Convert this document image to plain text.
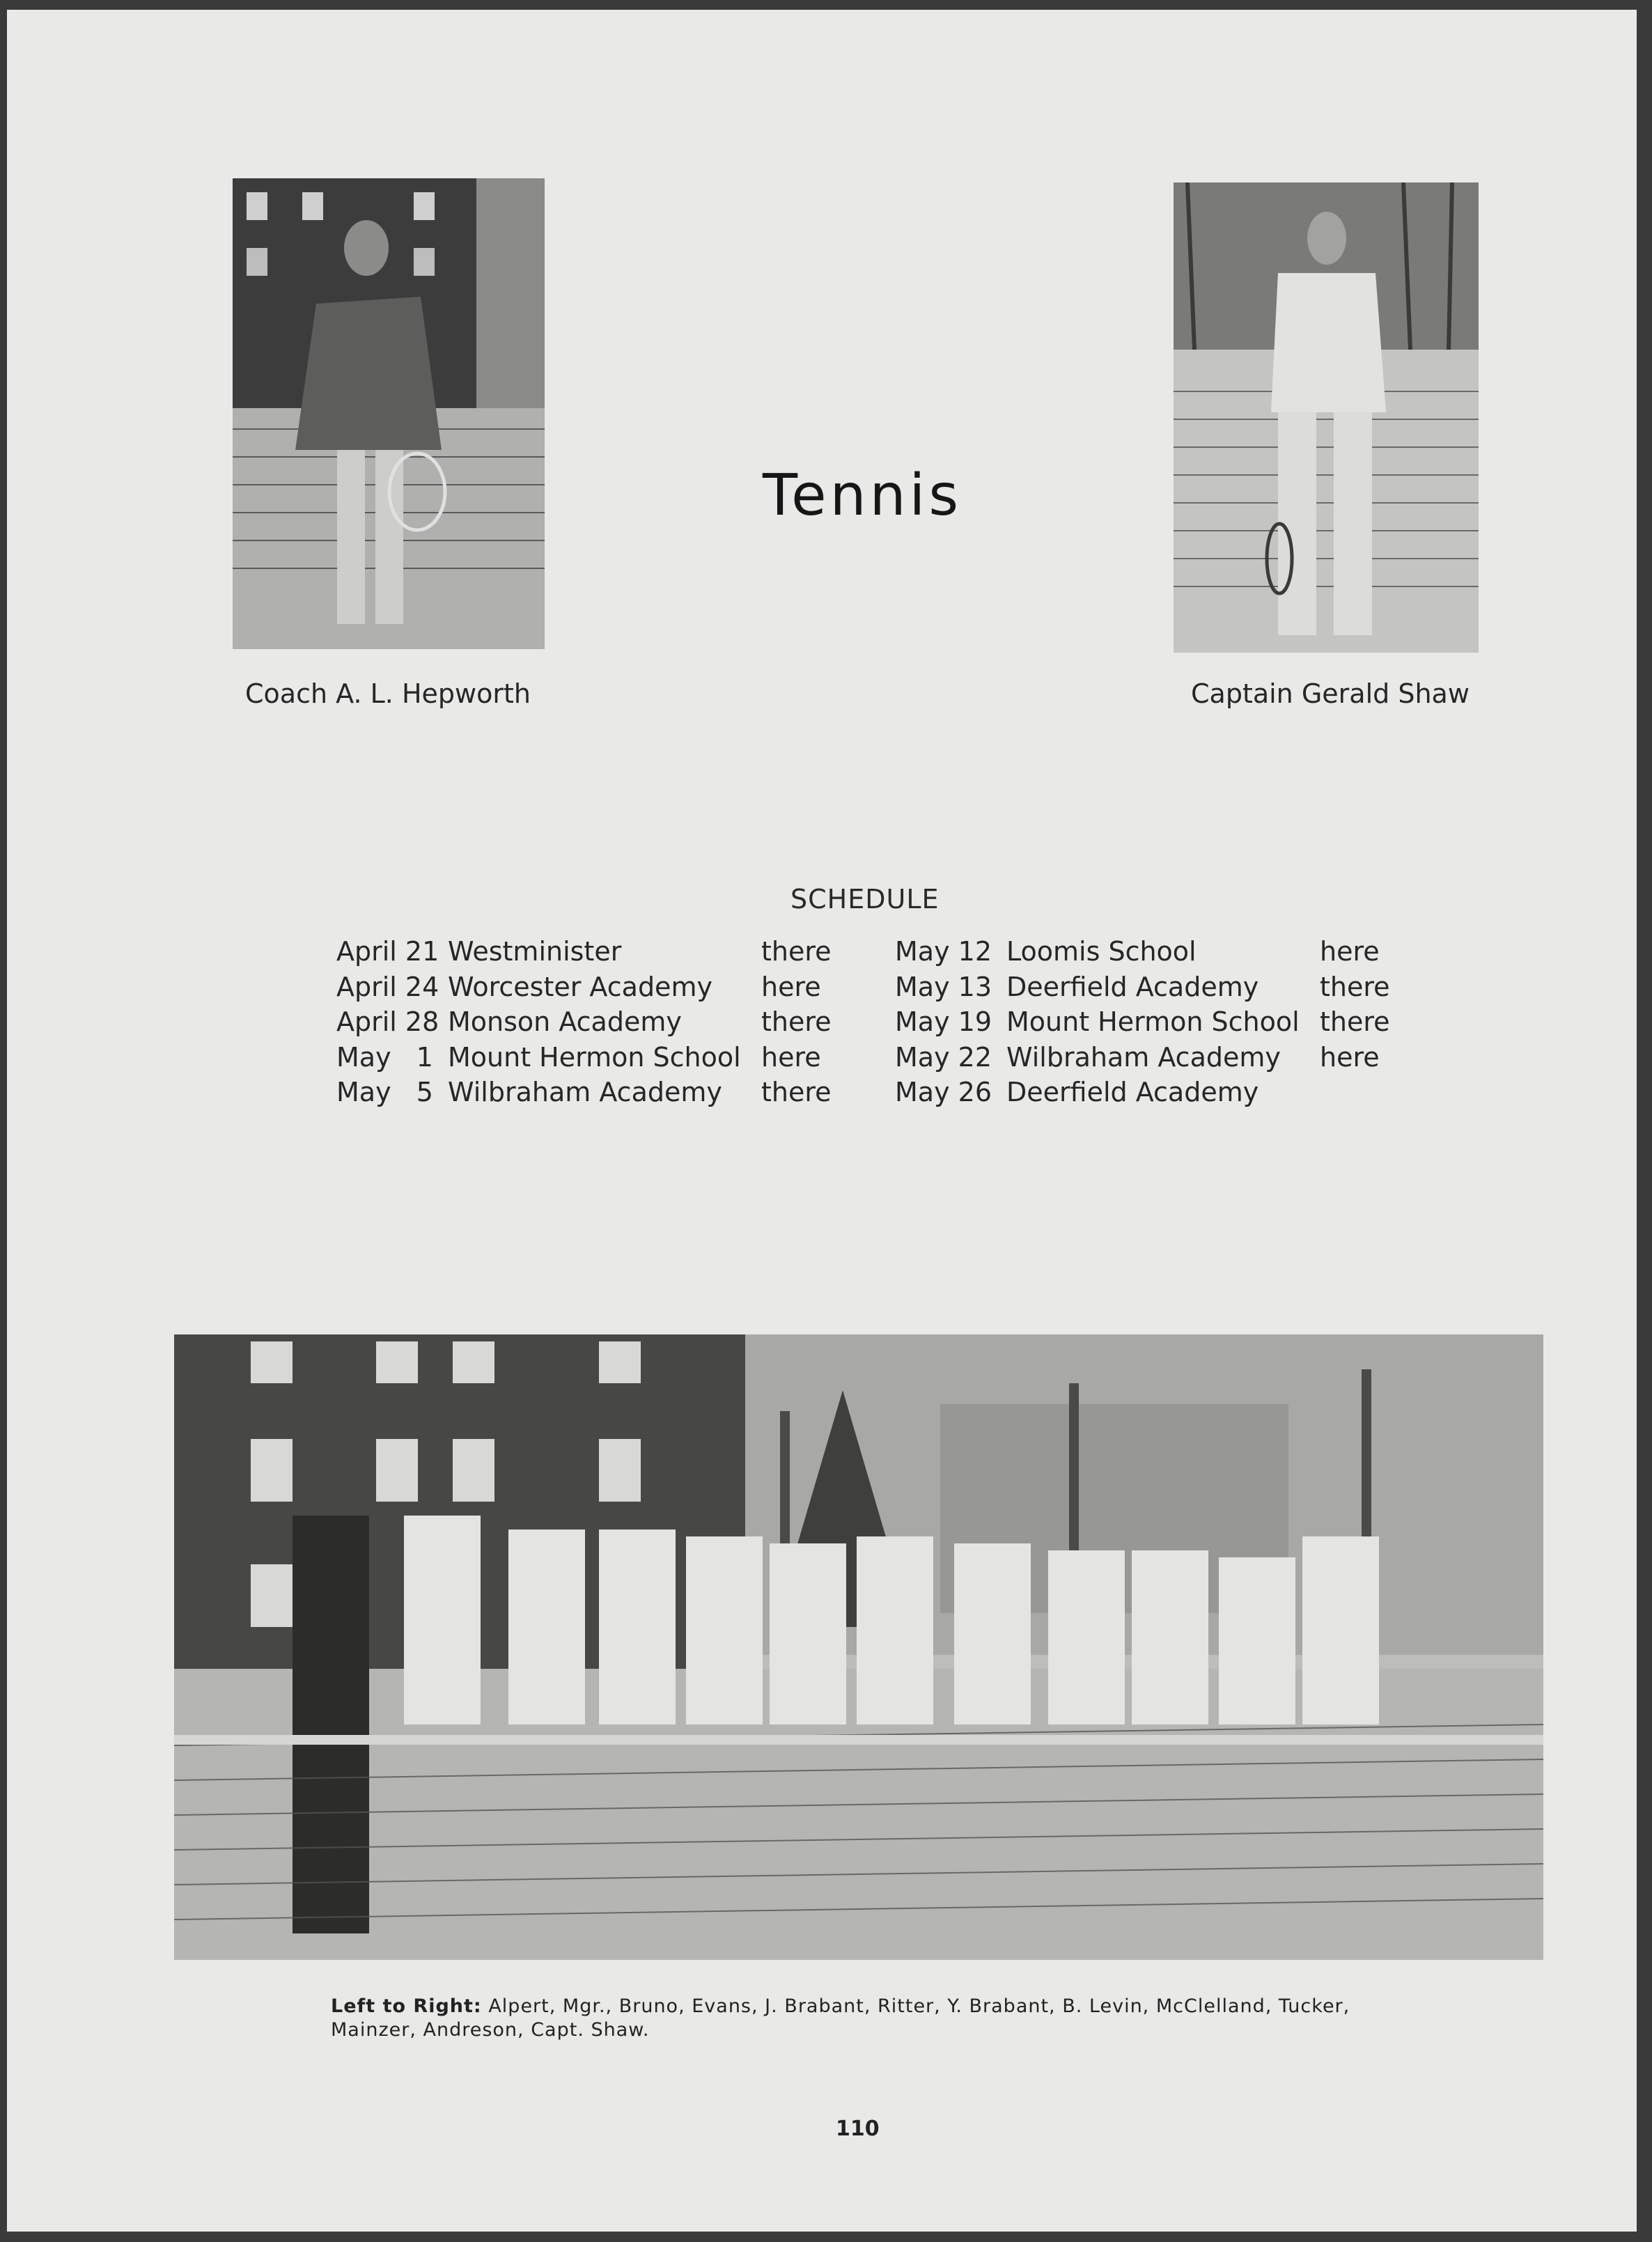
Coach A. L. Hepworth
Tennis
Captain Gerald Shaw
SCHEDULE
April 21 Westminister	there
April 24 Worcester Academy here
April 28 Monson Academy	there
May   1 Mount Hermon School here
May   5 Wilbraham Academy there
May 12 Loomis School	here
May 13 Deerfield Academy there
May 19 Mount Hermon School there
May 22 Wilbraham Academy here
May 26 Deerfield Academy
Left to Right: Alpert, Mgr., Bruno, Evans, J. Brabant, Ritter, Y. Brabant, B. Levin, McClelland, Tucker, Mainzer, Andreson, Capt. Shaw.
110
